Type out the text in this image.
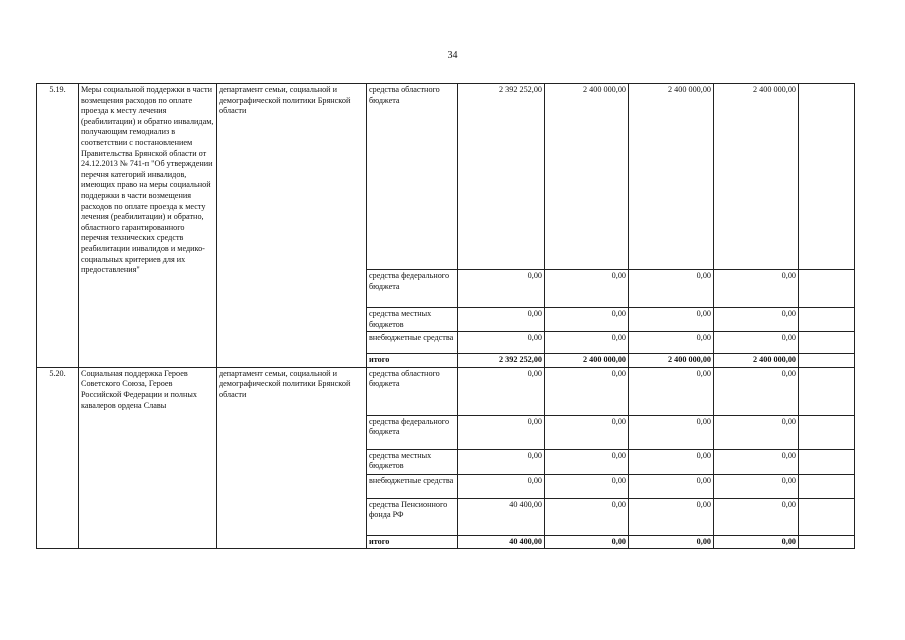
34
5.19.	Меры социальной поддержки в части возмещения расходов по оплате проезда к месту лечения (реабилитации) и обратно инвалидам, получающим гемодиализ в соответствии с постановлением Правительства Брянской области от 24.12.2013 № 741-п "Об утверждении перечня категорий инвалидов, имеющих право на меры социальной поддержки в части возмещения расходов по оплате проезда к месту лечения (реабилитации) и обратно, областного гарантированного перечня технических средств реабилитации инвалидов и медико-социальных критериев для их предоставления"	департамент семьи, социальной и демографической политики Брянской области	средства областного бюджета	2 392 252,00	2 400 000,00	2 400 000,00	2 400 000,00	
			средства федерального бюджета	0,00	0,00	0,00	0,00	
			средства местных бюджетов	0,00	0,00	0,00	0,00	
			внебюджетные средства	0,00	0,00	0,00	0,00	
			итого	2 392 252,00	2 400 000,00	2 400 000,00	2 400 000,00	
5.20.	Социальная поддержка Героев Советского Союза, Героев Российской Федерации и полных кавалеров ордена Славы	департамент семьи, социальной и демографической политики Брянской области	средства областного бюджета	0,00	0,00	0,00	0,00	
			средства федерального бюджета	0,00	0,00	0,00	0,00	
			средства местных бюджетов	0,00	0,00	0,00	0,00	
			внебюджетные средства	0,00	0,00	0,00	0,00	
			средства Пенсионного фонда РФ	40 400,00	0,00	0,00	0,00	
			итого	40 400,00	0,00	0,00	0,00	
